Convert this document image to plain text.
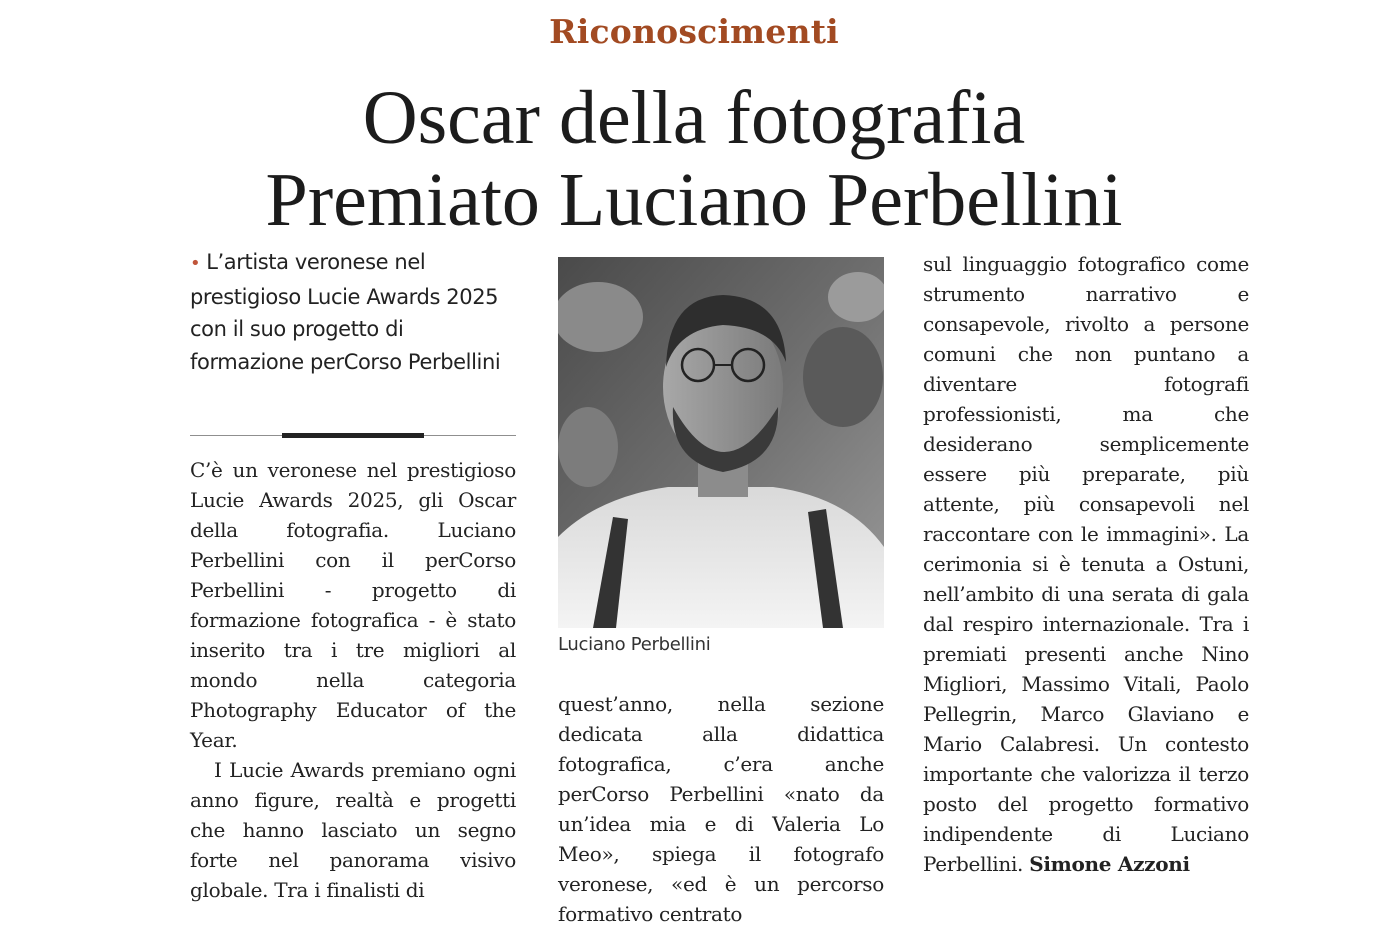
Riconoscimenti
Oscar della fotografia
Premiato Luciano Perbellini
• L’artista veronese nel prestigioso Lucie Awards 2025 con il suo progetto di formazione perCorso Perbellini

C’è un veronese nel prestigioso Lucie Awards 2025, gli Oscar della fotografia. Luciano Perbellini con il perCorso Perbellini - progetto di formazione fotografica - è stato inserito tra i tre migliori al mondo nella categoria Photography Educator of the Year.

I Lucie Awards premiano ogni anno figure, realtà e progetti che hanno lasciato un segno forte nel panorama visivo globale. Tra i finalisti di

Luciano Perbellini

quest’anno, nella sezione dedicata alla didattica fotografica, c’era anche perCorso Perbellini «nato da un’idea mia e di Valeria Lo Meo», spiega il fotografo veronese, «ed è un percorso formativo centrato

sul linguaggio fotografico come strumento narrativo e consapevole, rivolto a persone comuni che non puntano a diventare fotografi professionisti, ma che desiderano semplicemente essere più preparate, più attente, più consapevoli nel raccontare con le immagini». La cerimonia si è tenuta a Ostuni, nell’ambito di una serata di gala dal respiro internazionale. Tra i premiati presenti anche Nino Migliori, Massimo Vitali, Paolo Pellegrin, Marco Glaviano e Mario Calabresi. Un contesto importante che valorizza il terzo posto del progetto formativo indipendente di Luciano Perbellini. Simone Azzoni
